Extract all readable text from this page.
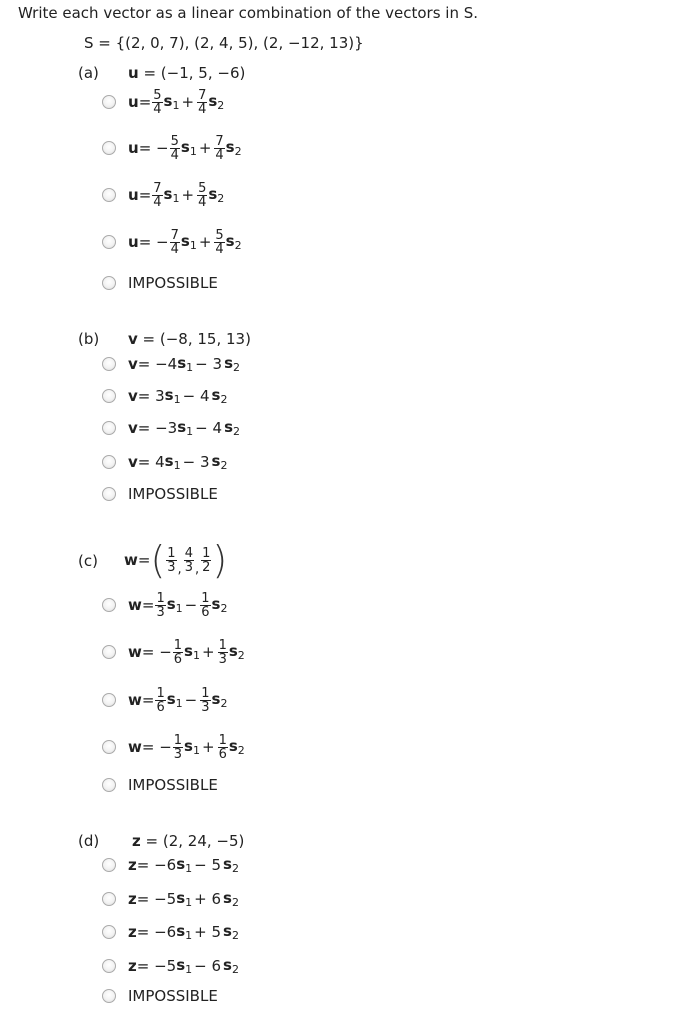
Write each vector as a linear combination of the vectors in S.
S = {(2, 0, 7), (2, 4, 5), (2, −12, 13)}
(a) u = (−1, 5, −6)
$u = \frac{5}{4} s_1 + \frac{7}{4} s_2$
u = − $\frac{5}{4} s_1 + \frac{7}{4} s_2$
$u = \frac{7}{4} s_1 + \frac{5}{4} s_2$
u = − $\frac{7}{4} s_1 + \frac{5}{4} s_2$
IMPOSSIBLE
(b) v = (−8, 15, 13)
v = −4 $s_1 - 3$ $s_2$
v = 3 $s_1 - 4$ $s_2$
v = −3 $s_1 - 4$ $s_2$
v = 4 $s_1 - 3$ $s_2$
IMPOSSIBLE
(c) w = ( $\frac{1}{3}$ , $\frac{4}{3}$ , $\frac{1}{2}$ )
$w = \frac{1}{3} s_1 - \frac{1}{6} s_2$
w = − $\frac{1}{6} s_1 + \frac{1}{3} s_2$
$w = \frac{1}{6} s_1 - \frac{1}{3} s_2$
w = − $\frac{1}{3} s_1 + \frac{1}{6} s_2$
IMPOSSIBLE
(d) z = (2, 24, −5)
z = −6 $s_1 - 5$ $s_2$
z = −5 $s_1 + 6$ $s_2$
z = −6 $s_1 + 5$ $s_2$
z = −5 $s_1 - 6$ $s_2$
IMPOSSIBLE
